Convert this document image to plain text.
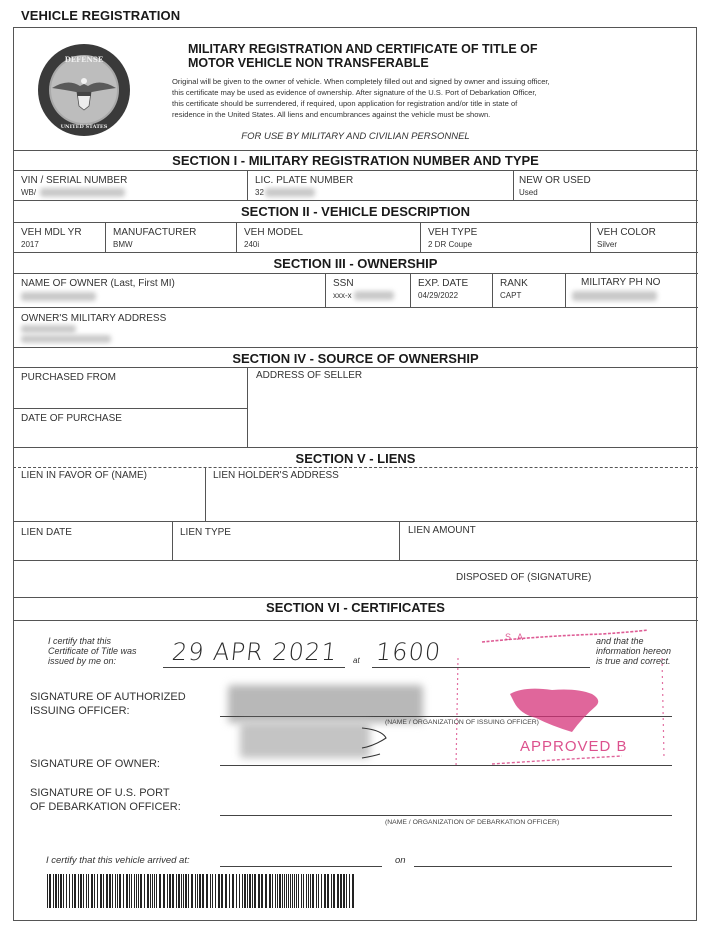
VEHICLE REGISTRATION
DEFENSE
UNITED STATES
MILITARY REGISTRATION AND CERTIFICATE OF TITLE OF
MOTOR VEHICLE NON TRANSFERABLE
Original will be given to the owner of vehicle. When completely filled out and signed by owner and issuing officer,
this certificate may be used as evidence of ownership. After signature of the U.S. Port of Debarkation Officer,
this certificate should be surrendered, if required, upon application for registration and/or title in state of
residence in the United States. All liens and encumbrances against the vehicle must be shown.
FOR USE BY MILITARY AND CIVILIAN PERSONNEL
SECTION I - MILITARY REGISTRATION NUMBER AND TYPE
VIN / SERIAL NUMBER
WB/
LIC. PLATE NUMBER
32
NEW OR USED
Used
SECTION II - VEHICLE DESCRIPTION
VEH MDL YR
2017
MANUFACTURER
BMW
VEH MODEL
240i
VEH TYPE
2 DR Coupe
VEH COLOR
Silver
SECTION III - OWNERSHIP
NAME OF OWNER (Last, First MI)	SSN
xxx-x
EXP. DATE
04/29/2022
RANK
CAPT
MILITARY PH NO
OWNER'S MILITARY ADDRESS
SECTION IV - SOURCE OF OWNERSHIP
PURCHASED FROM	ADDRESS OF SELLER
DATE OF PURCHASE
SECTION V - LIENS
LIEN IN FAVOR OF (NAME)	LIEN HOLDER'S ADDRESS
LIEN DATE	LIEN TYPE	LIEN AMOUNT
DISPOSED OF (SIGNATURE)
SECTION VI - CERTIFICATES
I certify that this
Certificate of Title was
issued by me on:	29 APR 2021 at 1600	and that the
information hereon
is true and correct.
SIGNATURE OF AUTHORIZED
ISSUING OFFICER:
(NAME / ORGANIZATION OF ISSUING OFFICER)
SIGNATURE OF OWNER:
SIGNATURE OF U.S. PORT
OF DEBARKATION OFFICER:
(NAME / ORGANIZATION OF DEBARKATION OFFICER)
S A
APPROVED B
I certify that this vehicle arrived at:	on
